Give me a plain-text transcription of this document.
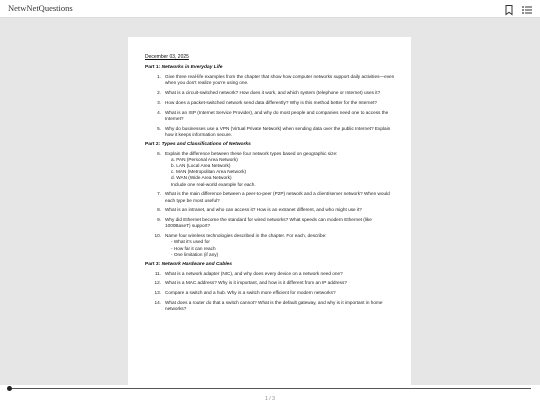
NetwNetQuestions
December 03, 2025
Part 1: Networks in Everyday Life
1. Give three real-life examples from the chapter that show how computer networks support daily activities—even when you don't realize you're using one.
2. What is a circuit-switched network? How does it work, and which system (telephone or Internet) uses it?
3. How does a packet-switched network send data differently? Why is this method better for the Internet?
4. What is an ISP (Internet Service Provider), and why do most people and companies need one to access the Internet?
5. Why do businesses use a VPN (Virtual Private Network) when sending data over the public Internet? Explain how it keeps information secure.
Part 2: Types and Classifications of Networks
6. Explain the difference between these four network types based on geographic size:
a. PAN (Personal Area Network)
b. LAN (Local Area Network)
c. MAN (Metropolitan Area Network)
d. WAN (Wide Area Network)
Include one real-world example for each.
7. What is the main difference between a peer-to-peer (P2P) network and a client/server network? When would each type be most useful?
8. What is an intranet, and who can access it? How is an extranet different, and who might use it?
9. Why did Ethernet become the standard for wired networks? What speeds can modern Ethernet (like 1000BaseT) support?
10. Name four wireless technologies described in the chapter. For each, describe:
- What it's used for
- How far it can reach
- One limitation (if any)
Part 3: Network Hardware and Cables
11. What is a network adapter (NIC), and why does every device on a network need one?
12. What is a MAC address? Why is it important, and how is it different from an IP address?
13. Compare a switch and a hub. Why is a switch more efficient for modern networks?
14. What does a router do that a switch cannot? What is the default gateway, and why is it important in home networks?
1 / 3
